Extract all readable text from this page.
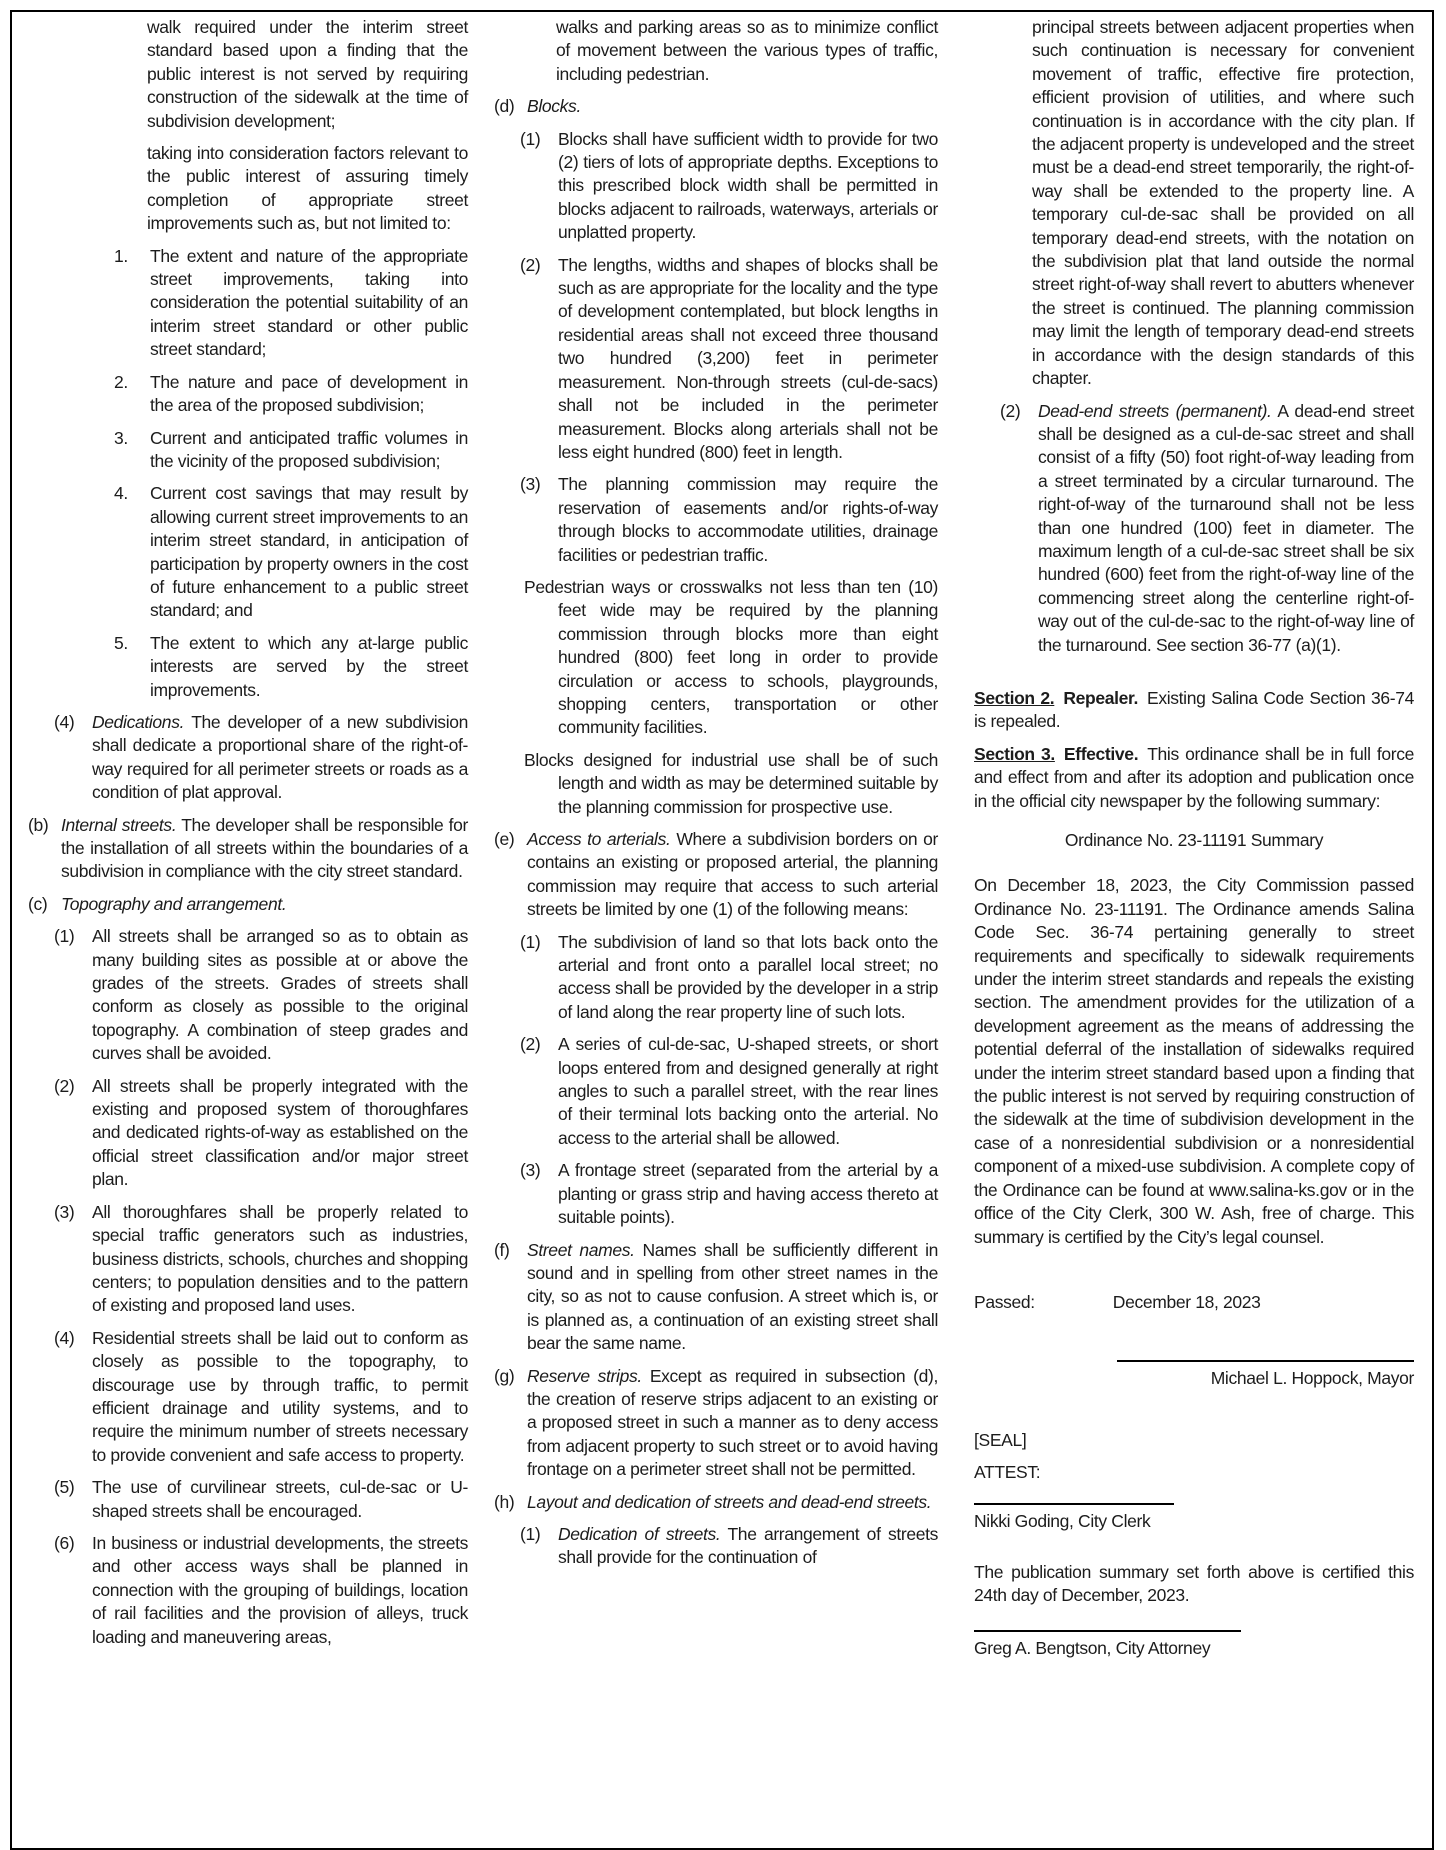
walk required under the interim street standard based upon a finding that the public interest is not served by requiring construction of the sidewalk at the time of subdivision development;
taking into consideration factors relevant to the public interest of assuring timely completion of appropriate street improvements such as, but not limited to:
1. The extent and nature of the appropriate street improvements, taking into consideration the potential suitability of an interim street standard or other public street standard;
2. The nature and pace of development in the area of the proposed subdivision;
3. Current and anticipated traffic volumes in the vicinity of the proposed subdivision;
4. Current cost savings that may result by allowing current street improvements to an interim street standard, in anticipation of participation by property owners in the cost of future enhancement to a public street standard; and
5. The extent to which any at-large public interests are served by the street improvements.
(4) Dedications. The developer of a new subdivision shall dedicate a proportional share of the right-of-way required for all perimeter streets or roads as a condition of plat approval.
(b) Internal streets. The developer shall be responsible for the installation of all streets within the boundaries of a subdivision in compliance with the city street standard.
(c) Topography and arrangement.
(1) All streets shall be arranged so as to obtain as many building sites as possible at or above the grades of the streets. Grades of streets shall conform as closely as possible to the original topography. A combination of steep grades and curves shall be avoided.
(2) All streets shall be properly integrated with the existing and proposed system of thoroughfares and dedicated rights-of-way as established on the official street classification and/or major street plan.
(3) All thoroughfares shall be properly related to special traffic generators such as industries, business districts, schools, churches and shopping centers; to population densities and to the pattern of existing and proposed land uses.
(4) Residential streets shall be laid out to conform as closely as possible to the topography, to discourage use by through traffic, to permit efficient drainage and utility systems, and to require the minimum number of streets necessary to provide convenient and safe access to property.
(5) The use of curvilinear streets, cul-de-sac or U-shaped streets shall be encouraged.
(6) In business or industrial developments, the streets and other access ways shall be planned in connection with the grouping of buildings, location of rail facilities and the provision of alleys, truck loading and maneuvering areas,
walks and parking areas so as to minimize conflict of movement between the various types of traffic, including pedestrian.
(d) Blocks.
(1) Blocks shall have sufficient width to provide for two (2) tiers of lots of appropriate depths. Exceptions to this prescribed block width shall be permitted in blocks adjacent to railroads, waterways, arterials or unplatted property.
(2) The lengths, widths and shapes of blocks shall be such as are appropriate for the locality and the type of development contemplated, but block lengths in residential areas shall not exceed three thousand two hundred (3,200) feet in perimeter measurement. Non-through streets (cul-de-sacs) shall not be included in the perimeter measurement. Blocks along arterials shall not be less eight hundred (800) feet in length.
(3) The planning commission may require the reservation of easements and/or rights-of-way through blocks to accommodate utilities, drainage facilities or pedestrian traffic.
Pedestrian ways or crosswalks not less than ten (10) feet wide may be required by the planning commission through blocks more than eight hundred (800) feet long in order to provide circulation or access to schools, playgrounds, shopping centers, transportation or other community facilities.
Blocks designed for industrial use shall be of such length and width as may be determined suitable by the planning commission for prospective use.
(e) Access to arterials. Where a subdivision borders on or contains an existing or proposed arterial, the planning commission may require that access to such arterial streets be limited by one (1) of the following means:
(1) The subdivision of land so that lots back onto the arterial and front onto a parallel local street; no access shall be provided by the developer in a strip of land along the rear property line of such lots.
(2) A series of cul-de-sac, U-shaped streets, or short loops entered from and designed generally at right angles to such a parallel street, with the rear lines of their terminal lots backing onto the arterial. No access to the arterial shall be allowed.
(3) A frontage street (separated from the arterial by a planting or grass strip and having access thereto at suitable points).
(f) Street names. Names shall be sufficiently different in sound and in spelling from other street names in the city, so as not to cause confusion. A street which is, or is planned as, a continuation of an existing street shall bear the same name.
(g) Reserve strips. Except as required in subsection (d), the creation of reserve strips adjacent to an existing or a proposed street in such a manner as to deny access from adjacent property to such street or to avoid having frontage on a perimeter street shall not be permitted.
(h) Layout and dedication of streets and dead-end streets.
(1) Dedication of streets. The arrangement of streets shall provide for the continuation of
principal streets between adjacent properties when such continuation is necessary for convenient movement of traffic, effective fire protection, efficient provision of utilities, and where such continuation is in accordance with the city plan. If the adjacent property is undeveloped and the street must be a dead-end street temporarily, the right-of-way shall be extended to the property line. A temporary cul-de-sac shall be provided on all temporary dead-end streets, with the notation on the subdivision plat that land outside the normal street right-of-way shall revert to abutters whenever the street is continued. The planning commission may limit the length of temporary dead-end streets in accordance with the design standards of this chapter.
(2) Dead-end streets (permanent). A dead-end street shall be designed as a cul-de-sac street and shall consist of a fifty (50) foot right-of-way leading from a street terminated by a circular turnaround. The right-of-way of the turnaround shall not be less than one hundred (100) feet in diameter. The maximum length of a cul-de-sac street shall be six hundred (600) feet from the right-of-way line of the commencing street along the centerline right-of-way out of the cul-de-sac to the right-of-way line of the turnaround. See section 36-77 (a)(1).
Section 2. Repealer. Existing Salina Code Section 36-74 is repealed.
Section 3. Effective. This ordinance shall be in full force and effect from and after its adoption and publication once in the official city newspaper by the following summary:
Ordinance No. 23-11191 Summary
On December 18, 2023, the City Commission passed Ordinance No. 23-11191. The Ordinance amends Salina Code Sec. 36-74 pertaining generally to street requirements and specifically to sidewalk requirements under the interim street standards and repeals the existing section. The amendment provides for the utilization of a development agreement as the means of addressing the potential deferral of the installation of sidewalks required under the interim street standard based upon a finding that the public interest is not served by requiring construction of the sidewalk at the time of subdivision development in the case of a nonresidential subdivision or a nonresidential component of a mixed-use subdivision. A complete copy of the Ordinance can be found at www.salina-ks.gov or in the office of the City Clerk, 300 W. Ash, free of charge. This summary is certified by the City’s legal counsel.
Passed:	December 18, 2023
Michael L. Hoppock, Mayor
[SEAL]
ATTEST:
Nikki Goding, City Clerk
The publication summary set forth above is certified this 24th day of December, 2023.
Greg A. Bengtson, City Attorney
